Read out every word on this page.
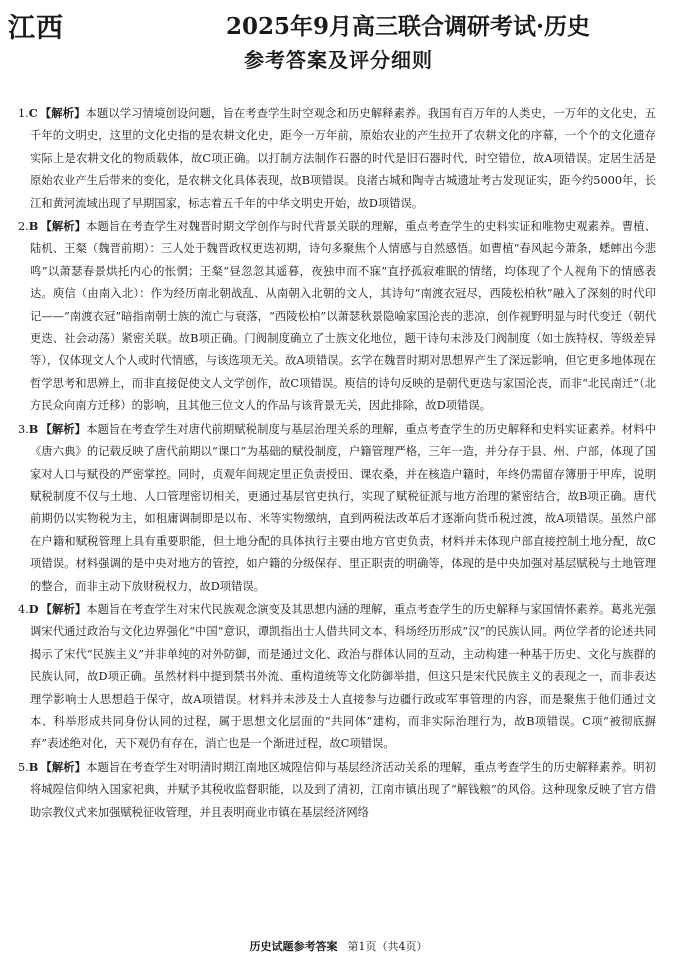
江西	2025年9月高三联合调研考试·历史
参考答案及评分细则

1.C 【解析】本题以学习情境创设问题，旨在考查学生时空观念和历史解释素养。我国有百万年的人类史，一万年的文化史，五千年的文明史，这里的文化史指的是农耕文化史，距今一万年前，原始农业的产生拉开了农耕文化的序幕，一个个的文化遗存实际上是农耕文化的物质载体，故C项正确。以打制方法制作石器的时代是旧石器时代，时空错位，故A项错误。定居生活是原始农业产生后带来的变化，是农耕文化具体表现，故B项错误。良渚古城和陶寺古城遗址考古发现证实，距今约5000年，长江和黄河流域出现了早期国家，标志着五千年的中华文明史开始，故D项错误。

2.B 【解析】本题旨在考查学生对魏晋时期文学创作与时代背景关联的理解，重点考查学生的史料实证和唯物史观素养。曹植、陆机、王粲（魏晋前期）：三人处于魏晋政权更迭初期，诗句多聚焦个人情感与自然感悟。如曹植“春风起今萧条，蟋蟀出今悲鸣”以萧瑟春景烘托内心的怅惘；王粲“昼忽忽其遥暮，夜独申而不寐”直抒孤寂难眠的情绪，均体现了个人视角下的情感表达。庾信（由南入北）：作为经历南北朝战乱、从南朝入北朝的文人，其诗句“南渡衣冠尽，西陵松柏秋”融入了深刻的时代印记——“南渡衣冠”暗指南朝士族的流亡与衰落，“西陵松柏”以萧瑟秋景隐喻家国沦丧的悲凉，创作视野明显与时代变迁（朝代更迭、社会动荡）紧密关联。故B项正确。门阀制度确立了士族文化地位，题干诗句未涉及门阀制度（如士族特权、等级差异等），仅体现文人个人或时代情感，与该选项无关。故A项错误。玄学在魏晋时期对思想界产生了深远影响，但它更多地体现在哲学思考和思辨上，而非直接促使文人文学创作，故C项错误。庾信的诗句反映的是朝代更迭与家国沦丧，而非“北民南迁”（北方民众向南方迁移）的影响，且其他三位文人的作品与该背景无关，因此排除，故D项错误。

3.B 【解析】本题旨在考查学生对唐代前期赋税制度与基层治理关系的理解，重点考查学生的历史解释和史料实证素养。材料中《唐六典》的记载反映了唐代前期以“课口”为基础的赋役制度，户籍管理严格，三年一造，并分存于县、州、户部，体现了国家对人口与赋役的严密掌控。同时，贞观年间规定里正负责授田、课农桑，并在核造户籍时，年终仍需留存簿册于甲库，说明赋税制度不仅与土地、人口管理密切相关，更通过基层官吏执行，实现了赋税征派与地方治理的紧密结合，故B项正确。唐代前期仍以实物税为主，如租庸调制即是以布、米等实物缴纳，直到两税法改革后才逐渐向货币税过渡，故A项错误。虽然户部在户籍和赋税管理上具有重要职能，但土地分配的具体执行主要由地方官吏负责，材料并未体现户部直接控制土地分配，故C项错误。材料强调的是中央对地方的管控，如户籍的分级保存、里正职责的明确等，体现的是中央加强对基层赋税与土地管理的整合，而非主动下放财税权力，故D项错误。

4.D 【解析】本题旨在考查学生对宋代民族观念演变及其思想内涵的理解，重点考查学生的历史解释与家国情怀素养。葛兆光强调宋代通过政治与文化边界强化“中国”意识，谭凯指出士人借共同文本、科场经历形成“汉”的民族认同。两位学者的论述共同揭示了宋代“民族主义”并非单纯的对外防御，而是通过文化、政治与群体认同的互动，主动构建一种基于历史、文化与族群的民族认同，故D项正确。虽然材料中提到禁书外流、重构道统等文化防御举措，但这只是宋代民族主义的表现之一，而非表达理学影响士人思想趋于保守，故A项错误。材料并未涉及士人直接参与边疆行政或军事管理的内容，而是聚焦于他们通过文本、科举形成共同身份认同的过程，属于思想文化层面的“共同体”建构，而非实际治理行为，故B项错误。C项“被彻底摒弃”表述绝对化，天下观仍有存在，消亡也是一个渐进过程，故C项错误。

5.B 【解析】本题旨在考查学生对明清时期江南地区城隍信仰与基层经济活动关系的理解，重点考查学生的历史解释素养。明初将城隍信仰纳入国家祀典，并赋予其税收监督职能，以及到了清初，江南市镇出现了“解钱粮”的风俗。这种现象反映了官方借助宗教仪式来加强赋税征收管理，并且表明商业市镇在基层经济网络

历史试题参考答案 第1页（共4页）
